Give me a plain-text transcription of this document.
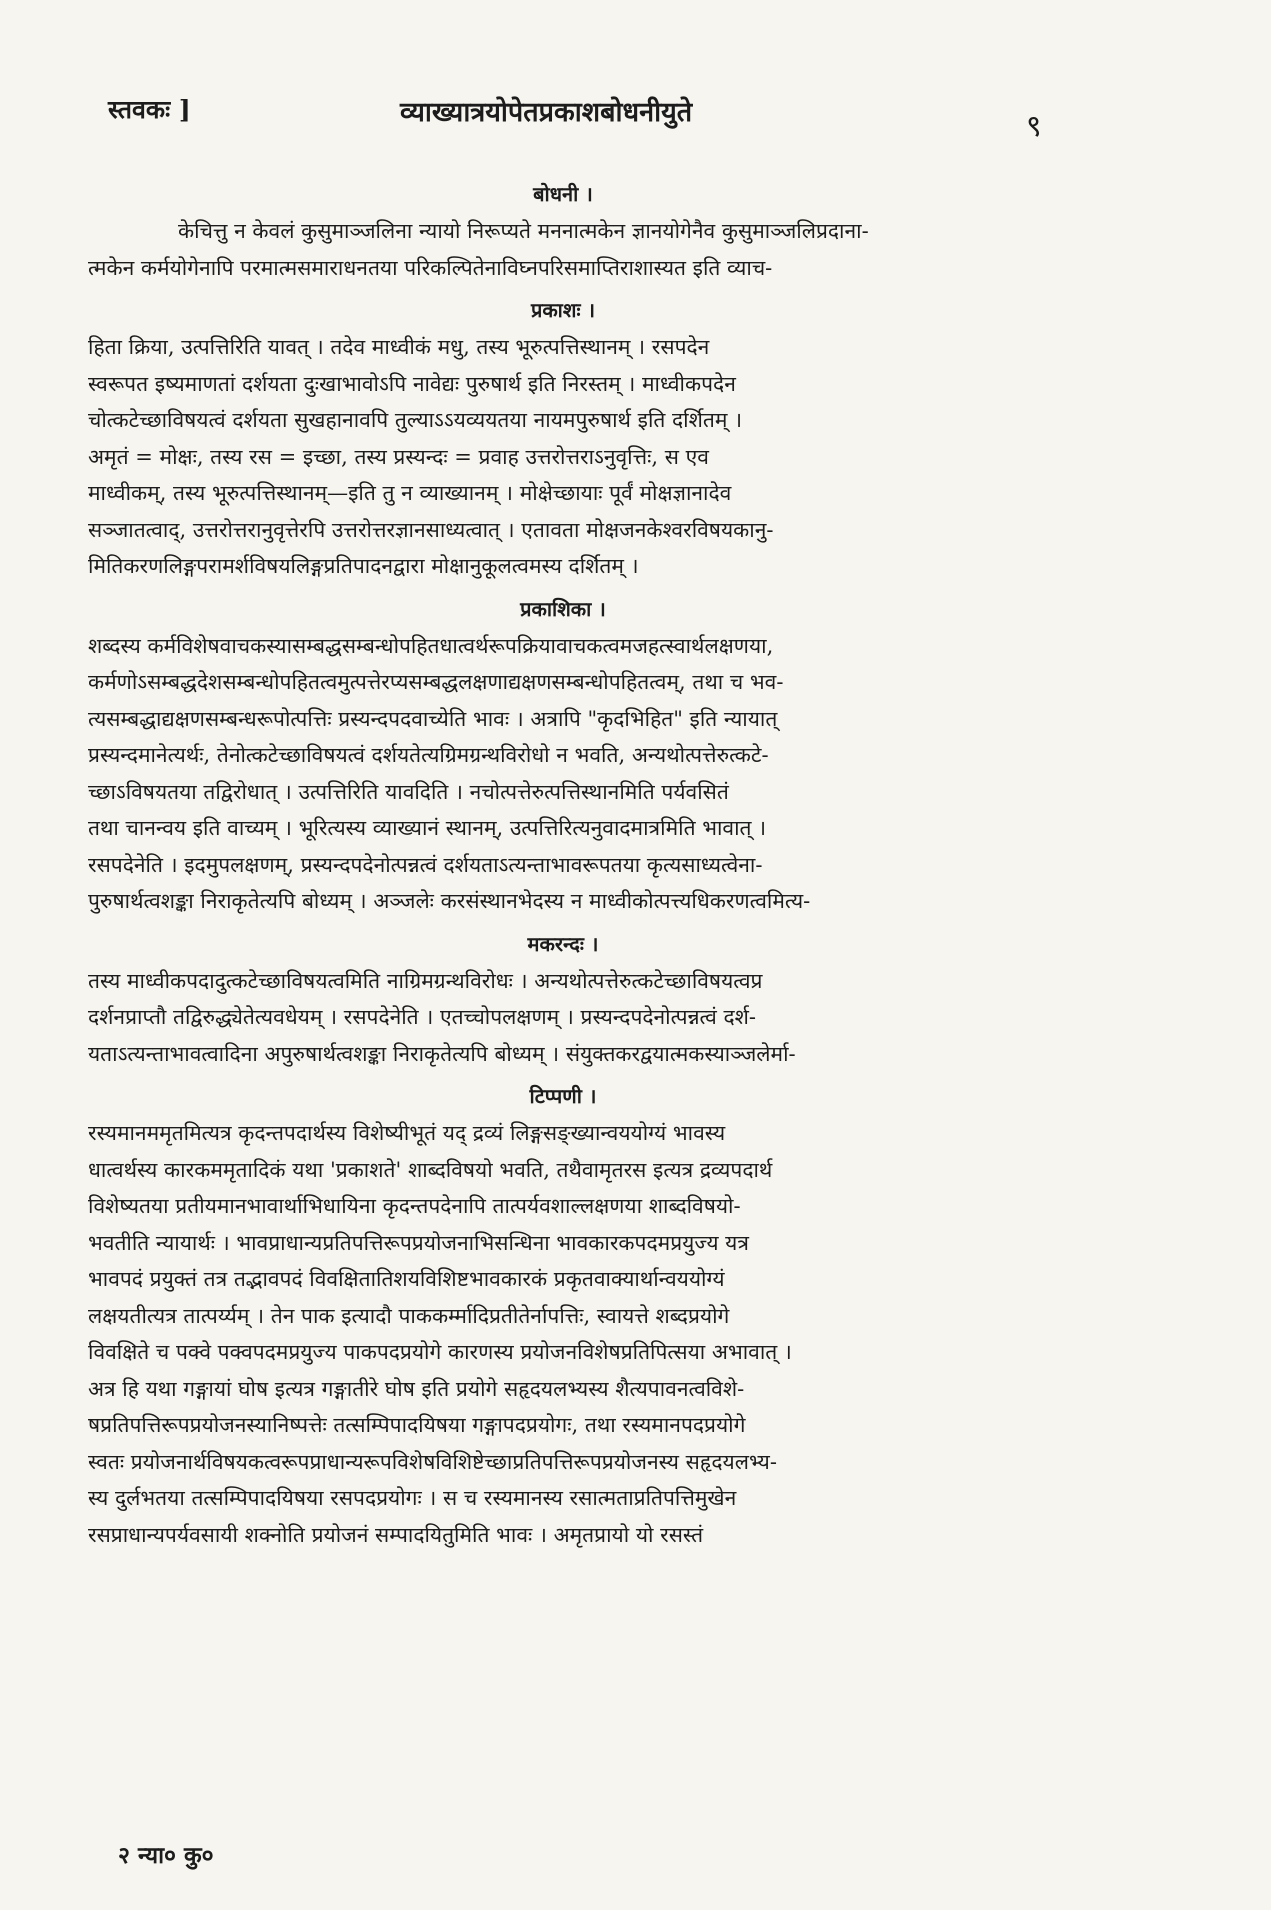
स्तवकः ]	व्याख्यात्रयोपेतप्रकाशबोधनीयुते	९
बोधनी ।
केचित्तु न केवलं कुसुमाञ्जलिना न्यायो निरूप्यते मननात्मकेन ज्ञानयोगेनैव कुसुमाञ्जलिप्रदाना-
त्मकेन कर्मयोगेनापि परमात्मसमाराधनतया परिकल्पितेनाविघ्नपरिसमाप्तिराशास्यत इति व्याच-
प्रकाशः ।
हिता क्रिया, उत्पत्तिरिति यावत् । तदेव माध्वीकं मधु, तस्य भूरुत्पत्तिस्थानम् । रसपदेन
स्वरूपत इष्यमाणतां दर्शयता दुःखाभावोऽपि नावेद्यः पुरुषार्थ इति निरस्तम् । माध्वीकपदेन
चोत्कटेच्छाविषयत्वं दर्शयता सुखहानावपि तुल्याऽऽयव्ययतया नायमपुरुषार्थ इति दर्शितम् ।
अमृतं = मोक्षः, तस्य रस = इच्छा, तस्य प्रस्यन्दः = प्रवाह उत्तरोत्तराऽनुवृत्तिः, स एव
माध्वीकम्, तस्य भूरुत्पत्तिस्थानम्—इति तु न व्याख्यानम् । मोक्षेच्छायाः पूर्वं मोक्षज्ञानादेव
सञ्जातत्वाद्, उत्तरोत्तरानुवृत्तेरपि उत्तरोत्तरज्ञानसाध्यत्वात् । एतावता मोक्षजनकेश्वरविषयकानु-
मितिकरणलिङ्गपरामर्शविषयलिङ्गप्रतिपादनद्वारा मोक्षानुकूलत्वमस्य दर्शितम् ।
प्रकाशिका ।
शब्दस्य कर्मविशेषवाचकस्यासम्बद्धसम्बन्धोपहितधात्वर्थरूपक्रियावाचकत्वमजहत्स्वार्थलक्षणया,
कर्मणोऽसम्बद्धदेशसम्बन्धोपहितत्वमुत्पत्तेरप्यसम्बद्धलक्षणाद्यक्षणसम्बन्धोपहितत्वम्, तथा च भव-
त्यसम्बद्धाद्यक्षणसम्बन्धरूपोत्पत्तिः प्रस्यन्दपदवाच्येति भावः । अत्रापि "कृदभिहित" इति न्यायात्
प्रस्यन्दमानेत्यर्थः, तेनोत्कटेच्छाविषयत्वं दर्शयतेत्यग्रिमग्रन्थविरोधो न भवति, अन्यथोत्पत्तेरुत्कटे-
च्छाऽविषयतया तद्विरोधात् । उत्पत्तिरिति यावदिति । नचोत्पत्तेरुत्पत्तिस्थानमिति पर्यवसितं
तथा चानन्वय इति वाच्यम् । भूरित्यस्य व्याख्यानं स्थानम्, उत्पत्तिरित्यनुवादमात्रमिति भावात् ।
रसपदेनेति । इदमुपलक्षणम्, प्रस्यन्दपदेनोत्पन्नत्वं दर्शयताऽत्यन्ताभावरूपतया कृत्यसाध्यत्वेना-
पुरुषार्थत्वशङ्का निराकृतेत्यपि बोध्यम् । अञ्जलेः करसंस्थानभेदस्य न माध्वीकोत्पत्त्यधिकरणत्वमित्य-
मकरन्दः ।
तस्य माध्वीकपदादुत्कटेच्छाविषयत्वमिति नाग्रिमग्रन्थविरोधः । अन्यथोत्पत्तेरुत्कटेच्छाविषयत्वप्र
दर्शनप्राप्तौ तद्विरुद्ध्येतेत्यवधेयम् । रसपदेनेति । एतच्चोपलक्षणम् । प्रस्यन्दपदेनोत्पन्नत्वं दर्श-
यताऽत्यन्ताभावत्वादिना अपुरुषार्थत्वशङ्का निराकृतेत्यपि बोध्यम् । संयुक्तकरद्वयात्मकस्याञ्जलेर्मा-
टिप्पणी ।
रस्यमानममृतमित्यत्र कृदन्तपदार्थस्य विशेष्यीभूतं यद् द्रव्यं लिङ्गसङ्ख्यान्वययोग्यं भावस्य
धात्वर्थस्य कारकममृतादिकं यथा 'प्रकाशते' शाब्दविषयो भवति, तथैवामृतरस इत्यत्र द्रव्यपदार्थ
विशेष्यतया प्रतीयमानभावार्थाभिधायिना कृदन्तपदेनापि तात्पर्यवशाल्लक्षणया शाब्दविषयो-
भवतीति न्यायार्थः । भावप्राधान्यप्रतिपत्तिरूपप्रयोजनाभिसन्धिना भावकारकपदमप्रयुज्य यत्र
भावपदं प्रयुक्तं तत्र तद्भावपदं विवक्षितातिशयविशिष्टभावकारकं प्रकृतवाक्यार्थान्वययोग्यं
लक्षयतीत्यत्र तात्पर्य्यम् । तेन पाक इत्यादौ पाककर्म्मादिप्रतीतेर्नापत्तिः, स्वायत्ते शब्दप्रयोगे
विवक्षिते च पक्वे पक्वपदमप्रयुज्य पाकपदप्रयोगे कारणस्य प्रयोजनविशेषप्रतिपित्सया अभावात् ।
अत्र हि यथा गङ्गायां घोष इत्यत्र गङ्गातीरे घोष इति प्रयोगे सहृदयलभ्यस्य शैत्यपावनत्वविशे-
षप्रतिपत्तिरूपप्रयोजनस्यानिष्पत्तेः तत्सम्पिपादयिषया गङ्गापदप्रयोगः, तथा रस्यमानपदप्रयोगे
स्वतः प्रयोजनार्थविषयकत्वरूपप्राधान्यरूपविशेषविशिष्टेच्छाप्रतिपत्तिरूपप्रयोजनस्य सहृदयलभ्य-
स्य दुर्लभतया तत्सम्पिपादयिषया रसपदप्रयोगः । स च रस्यमानस्य रसात्मताप्रतिपत्तिमुखेन
रसप्राधान्यपर्यवसायी शक्नोति प्रयोजनं सम्पादयितुमिति भावः । अमृतप्रायो यो रसस्तं
२ न्या० कु०
